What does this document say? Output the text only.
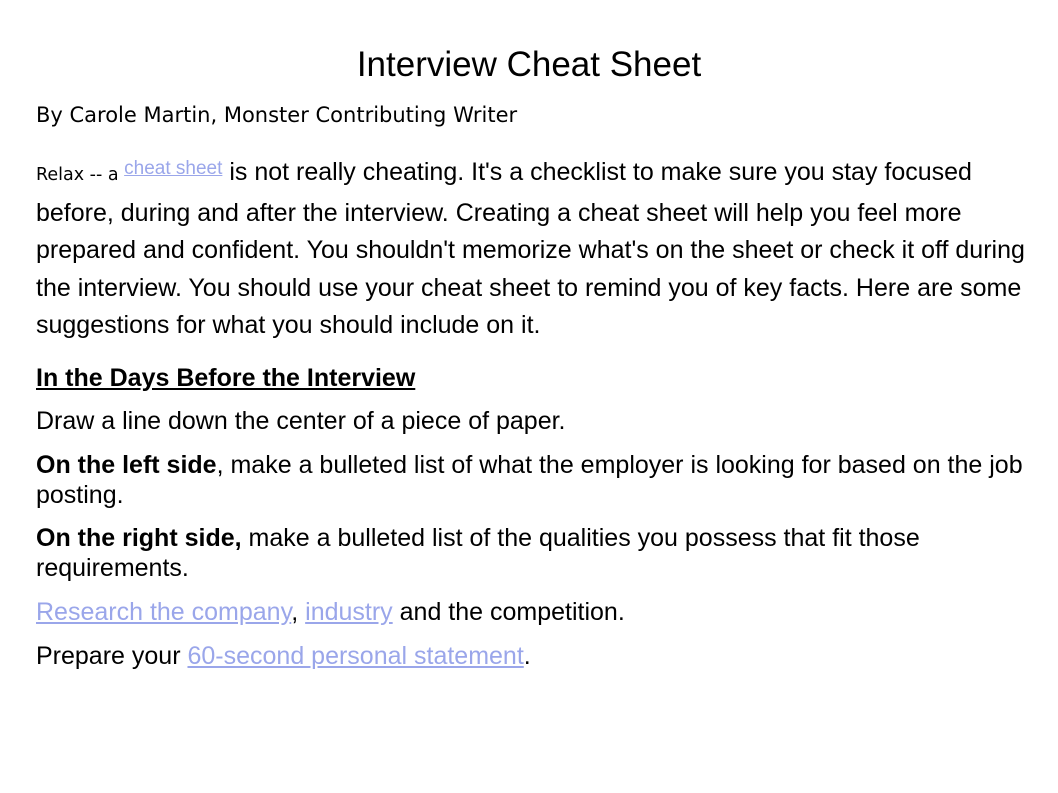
Interview Cheat Sheet
By Carole Martin, Monster Contributing Writer

Relax -- a $^{cheat sheet}$ is not really cheating. It's a checklist to make sure you stay focused before, during and after the interview. Creating a cheat sheet will help you feel more prepared and confident. You shouldn't memorize what's on the sheet or check it off during the interview. You should use your cheat sheet to remind you of key facts. Here are some suggestions for what you should include on it.

In the Days Before the Interview

Draw a line down the center of a piece of paper.

On the left side, make a bulleted list of what the employer is looking for based on the job posting.

On the right side, make a bulleted list of the qualities you possess that fit those requirements.

Research the company, industry and the competition.

Prepare your 60-second personal statement.
